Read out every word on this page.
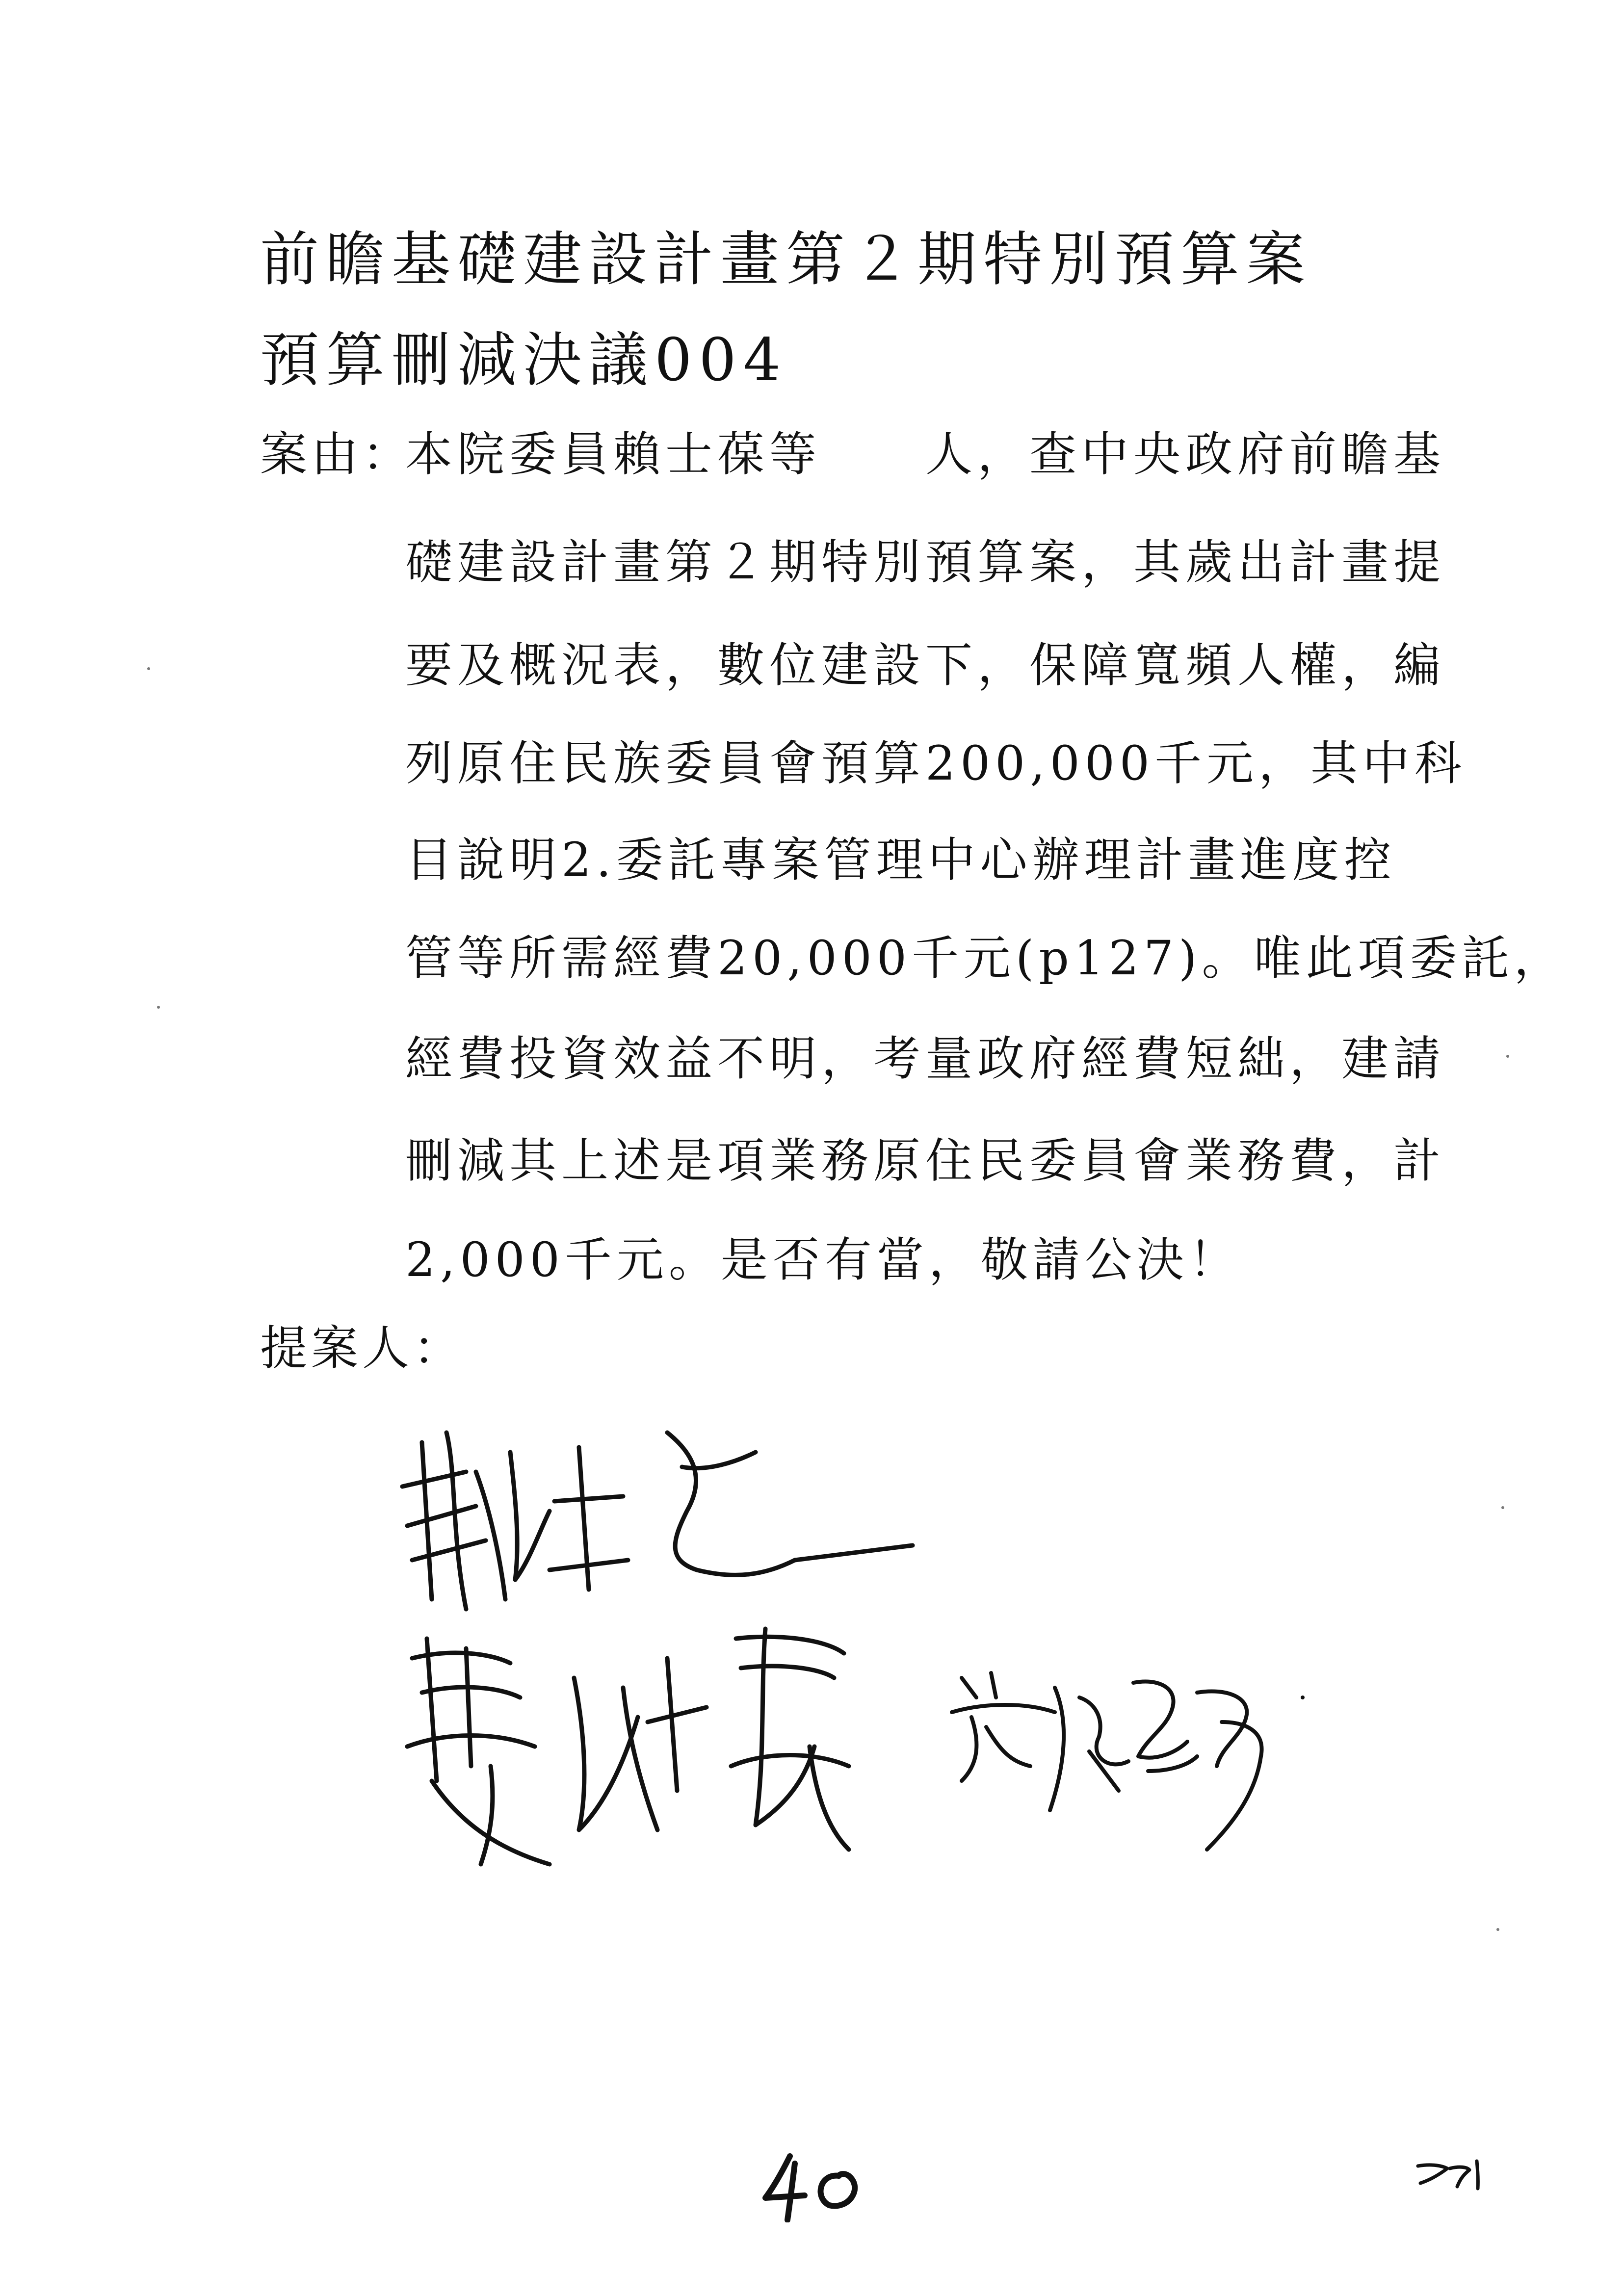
前瞻基礎建設計畫第２期特別預算案
預算刪減決議004
案由：
本院委員賴士葆等　　人，查中央政府前瞻基
礎建設計畫第２期特別預算案，其歲出計畫提
要及概況表，數位建設下，保障寬頻人權，編
列原住民族委員會預算200,000千元，其中科
目說明2.委託專案管理中心辦理計畫進度控
管等所需經費20,000千元(p127)。唯此項委託，
經費投資效益不明，考量政府經費短絀，建請
刪減其上述是項業務原住民委員會業務費，計
2,000千元。是否有當，敬請公決！
提案人：
